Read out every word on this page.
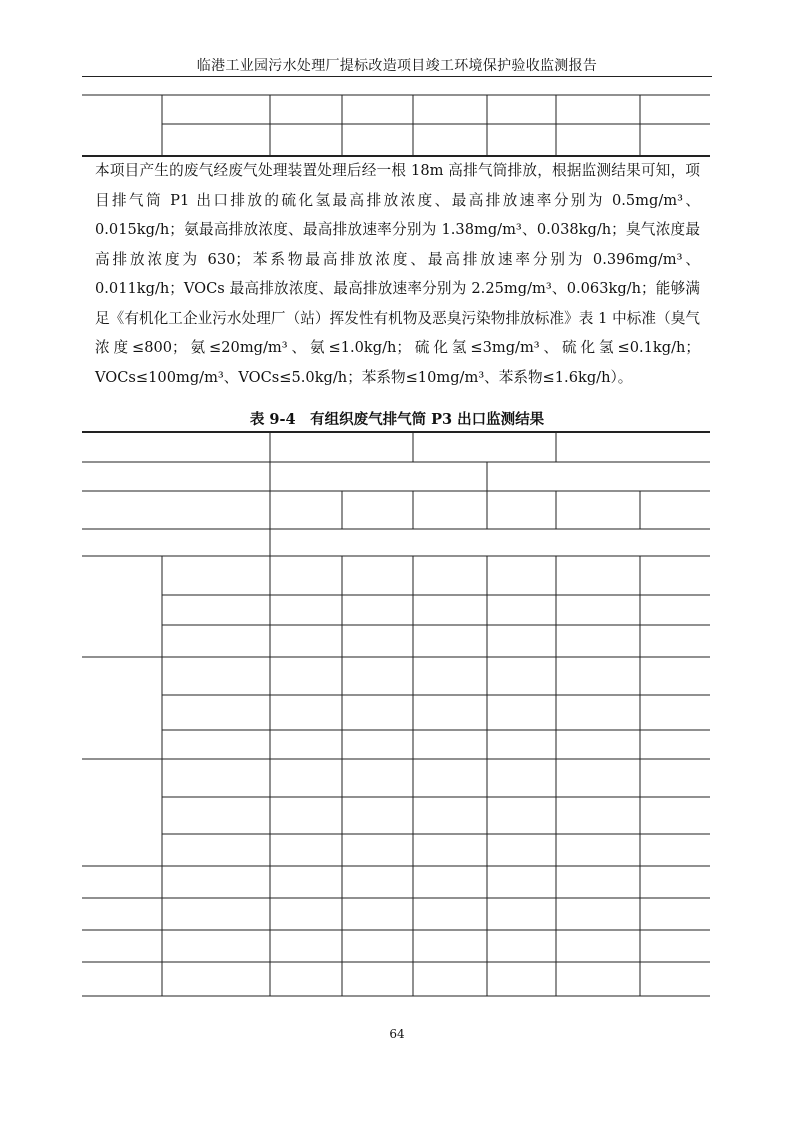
临港工业园污水处理厂提标改造项目竣工环境保护验收监测报告

本项目产生的废气经废气处理装置处理后经一根 18m 高排气筒排放，根据监测结果可知，项目排气筒 P1 出口排放的硫化氢最高排放浓度、最高排放速率分别为 0.5mg/m³、0.015kg/h；氨最高排放浓度、最高排放速率分别为 1.38mg/m³、0.038kg/h；臭气浓度最高排放浓度为 630；苯系物最高排放浓度、最高排放速率分别为 0.396mg/m³、0.011kg/h；VOCs 最高排放浓度、最高排放速率分别为 2.25mg/m³、0.063kg/h；能够满足《有机化工企业污水处理厂（站）挥发性有机物及恶臭污染物排放标准》表 1 中标准（臭气浓度≤800；氨≤20mg/m³、氨≤1.0kg/h；硫化氢≤3mg/m³、硫化氢≤0.1kg/h；VOCs≤100mg/m³、VOCs≤5.0kg/h；苯系物≤10mg/m³、苯系物≤1.6kg/h）。

表 9-4　有组织废气排气筒 P3 出口监测结果
64
